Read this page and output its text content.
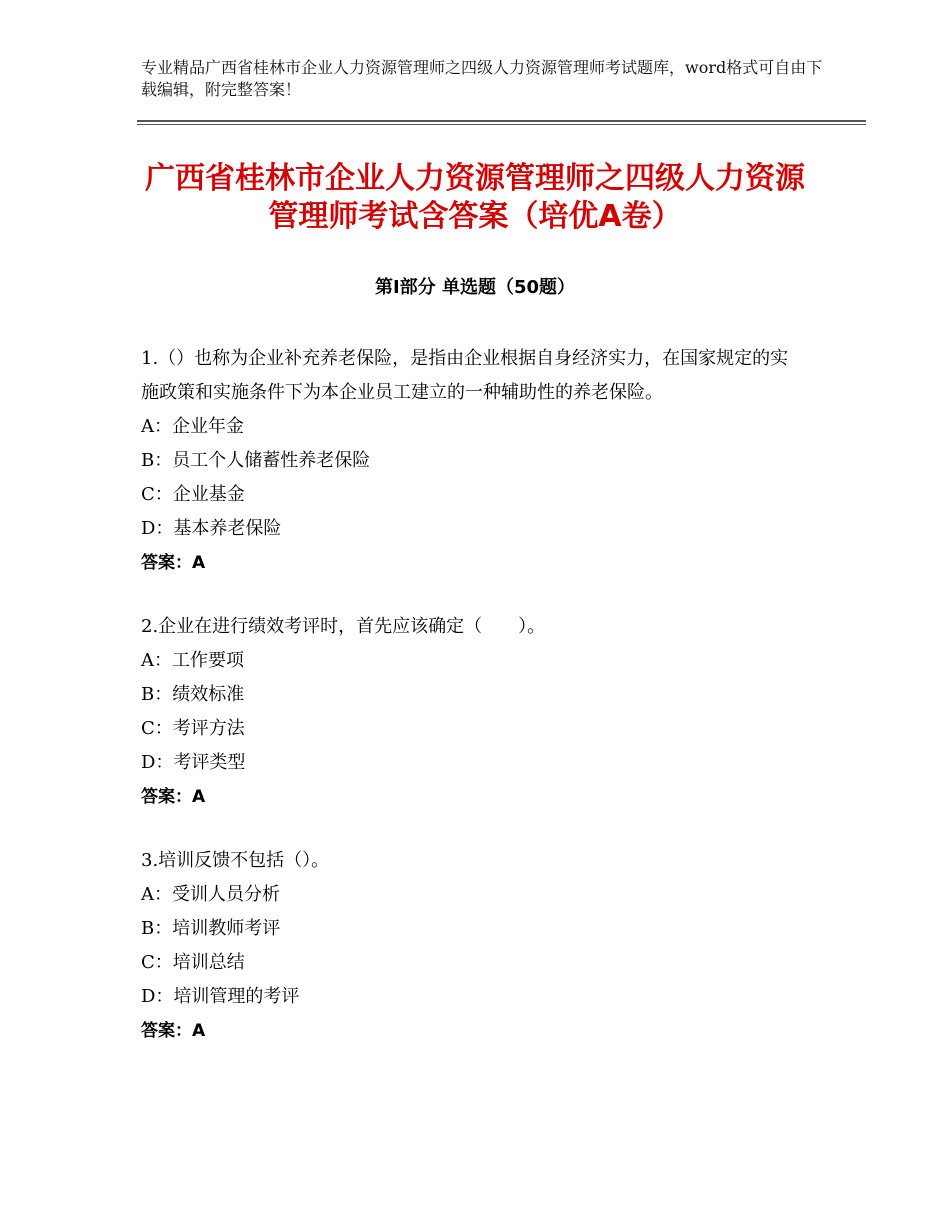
专业精品广西省桂林市企业人力资源管理师之四级人力资源管理师考试题库，word格式可自由下载编辑，附完整答案！
广西省桂林市企业人力资源管理师之四级人力资源管理师考试含答案（培优A卷）
第Ⅰ部分 单选题（50题）
1.（）也称为企业补充养老保险，是指由企业根据自身经济实力，在国家规定的实施政策和实施条件下为本企业员工建立的一种辅助性的养老保险。
A：企业年金
B：员工个人储蓄性养老保险
C：企业基金
D：基本养老保险
答案：A
2.企业在进行绩效考评时，首先应该确定（　　）。
A：工作要项
B：绩效标准
C：考评方法
D：考评类型
答案：A
3.培训反馈不包括（）。
A：受训人员分析
B：培训教师考评
C：培训总结
D：培训管理的考评
答案：A
